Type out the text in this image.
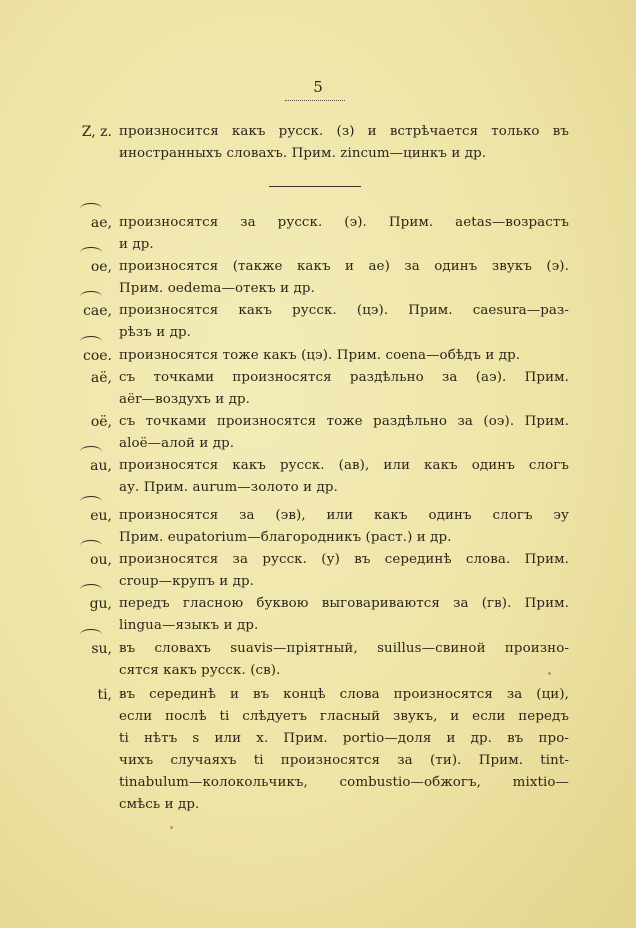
5
Z, z. произносится какъ русск. (з) и встрѣчается только въ
иностранныхъ словахъ. Прим. zincum—цинкъ и др.
ae, произносятся за русск. (э). Прим. aetas—возрастъ
и др.
oe, произносятся (также какъ и ae) за одинъ звукъ (э).
Прим. oedema—отекъ и др.
cae, произносятся какъ русск. (цэ). Прим. caesura—раз-
рѣзъ и др.
coe. произносятся тоже какъ (цэ). Прим. coena—обѣдъ и др.
aë, съ точками произносятся раздѣльно за (аэ). Прим.
aër—воздухъ и др.
oë, съ точками произносятся тоже раздѣльно за (оэ). Прим.
aloë—алой и др.
au, произносятся какъ русск. (ав), или какъ одинъ слогъ
ау. Прим. aurum—золото и др.
eu, произносятся за (эв), или какъ одинъ слогъ эу
Прим. eupatorium—благородникъ (раст.) и др.
ou, произносятся за русск. (у) въ серединѣ слова. Прим.
croup—крупъ и др.
gu, передъ гласною буквою выговариваются за (гв). Прим.
lingua—языкъ и др.
su, въ словахъ suavis—пріятный, suillus—свиной произно-
сятся какъ русск. (св).
ti, въ серединѣ и въ концѣ слова произносятся за (ци),
если послѣ ti слѣдуетъ гласный звукъ, и если передъ
ti нѣтъ s или x. Прим. portio—доля и др. въ про-
чихъ случаяхъ ti произносятся за (ти). Прим. tint-
tinabulum—колокольчикъ, combustio—обжогъ, mixtio—
смѣсь и др.
